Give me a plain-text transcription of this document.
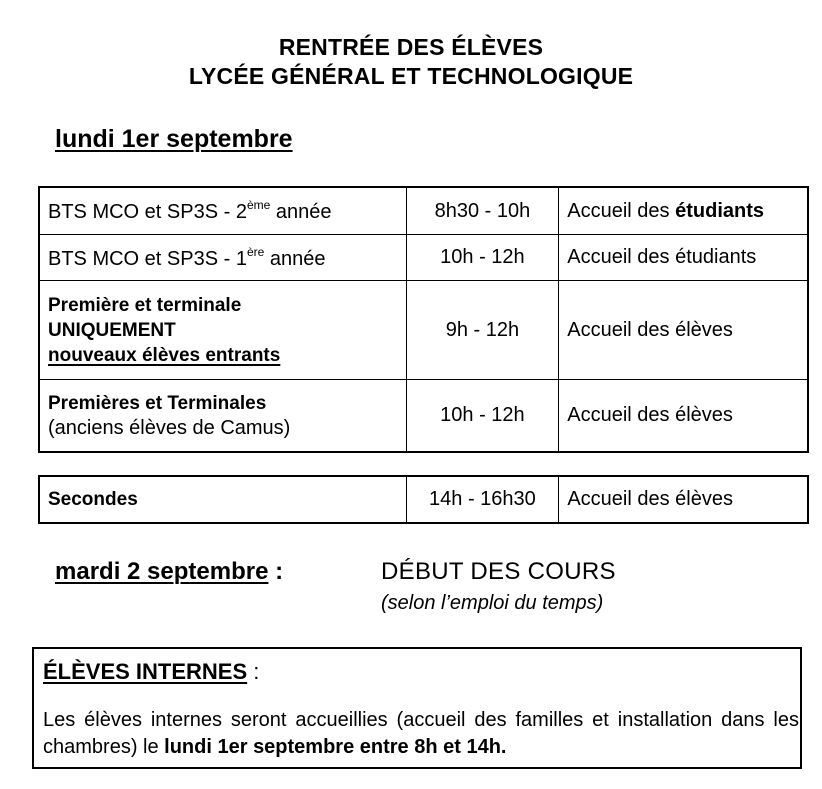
RENTRÉE DES ÉLÈVES
LYCÉE GÉNÉRAL ET TECHNOLOGIQUE
lundi 1er septembre
BTS MCO et SP3S - 2ème année	8h30 - 10h	Accueil des étudiants
BTS MCO et SP3S - 1ère année	10h - 12h	Accueil des étudiants

Première et terminale
UNIQUEMENT
nouveaux élèves entrants	9h - 12h	Accueil des élèves

Premières et Terminales
(anciens élèves de Camus)	10h - 12h	Accueil des élèves
Secondes	14h - 16h30	Accueil des élèves
mardi 2 septembre :	DÉBUT DES COURS
(selon l’emploi du temps)
ÉLÈVES INTERNES :
Les élèves internes seront accueillies (accueil des familles et installation dans les chambres) le lundi 1er septembre entre 8h et 14h.
